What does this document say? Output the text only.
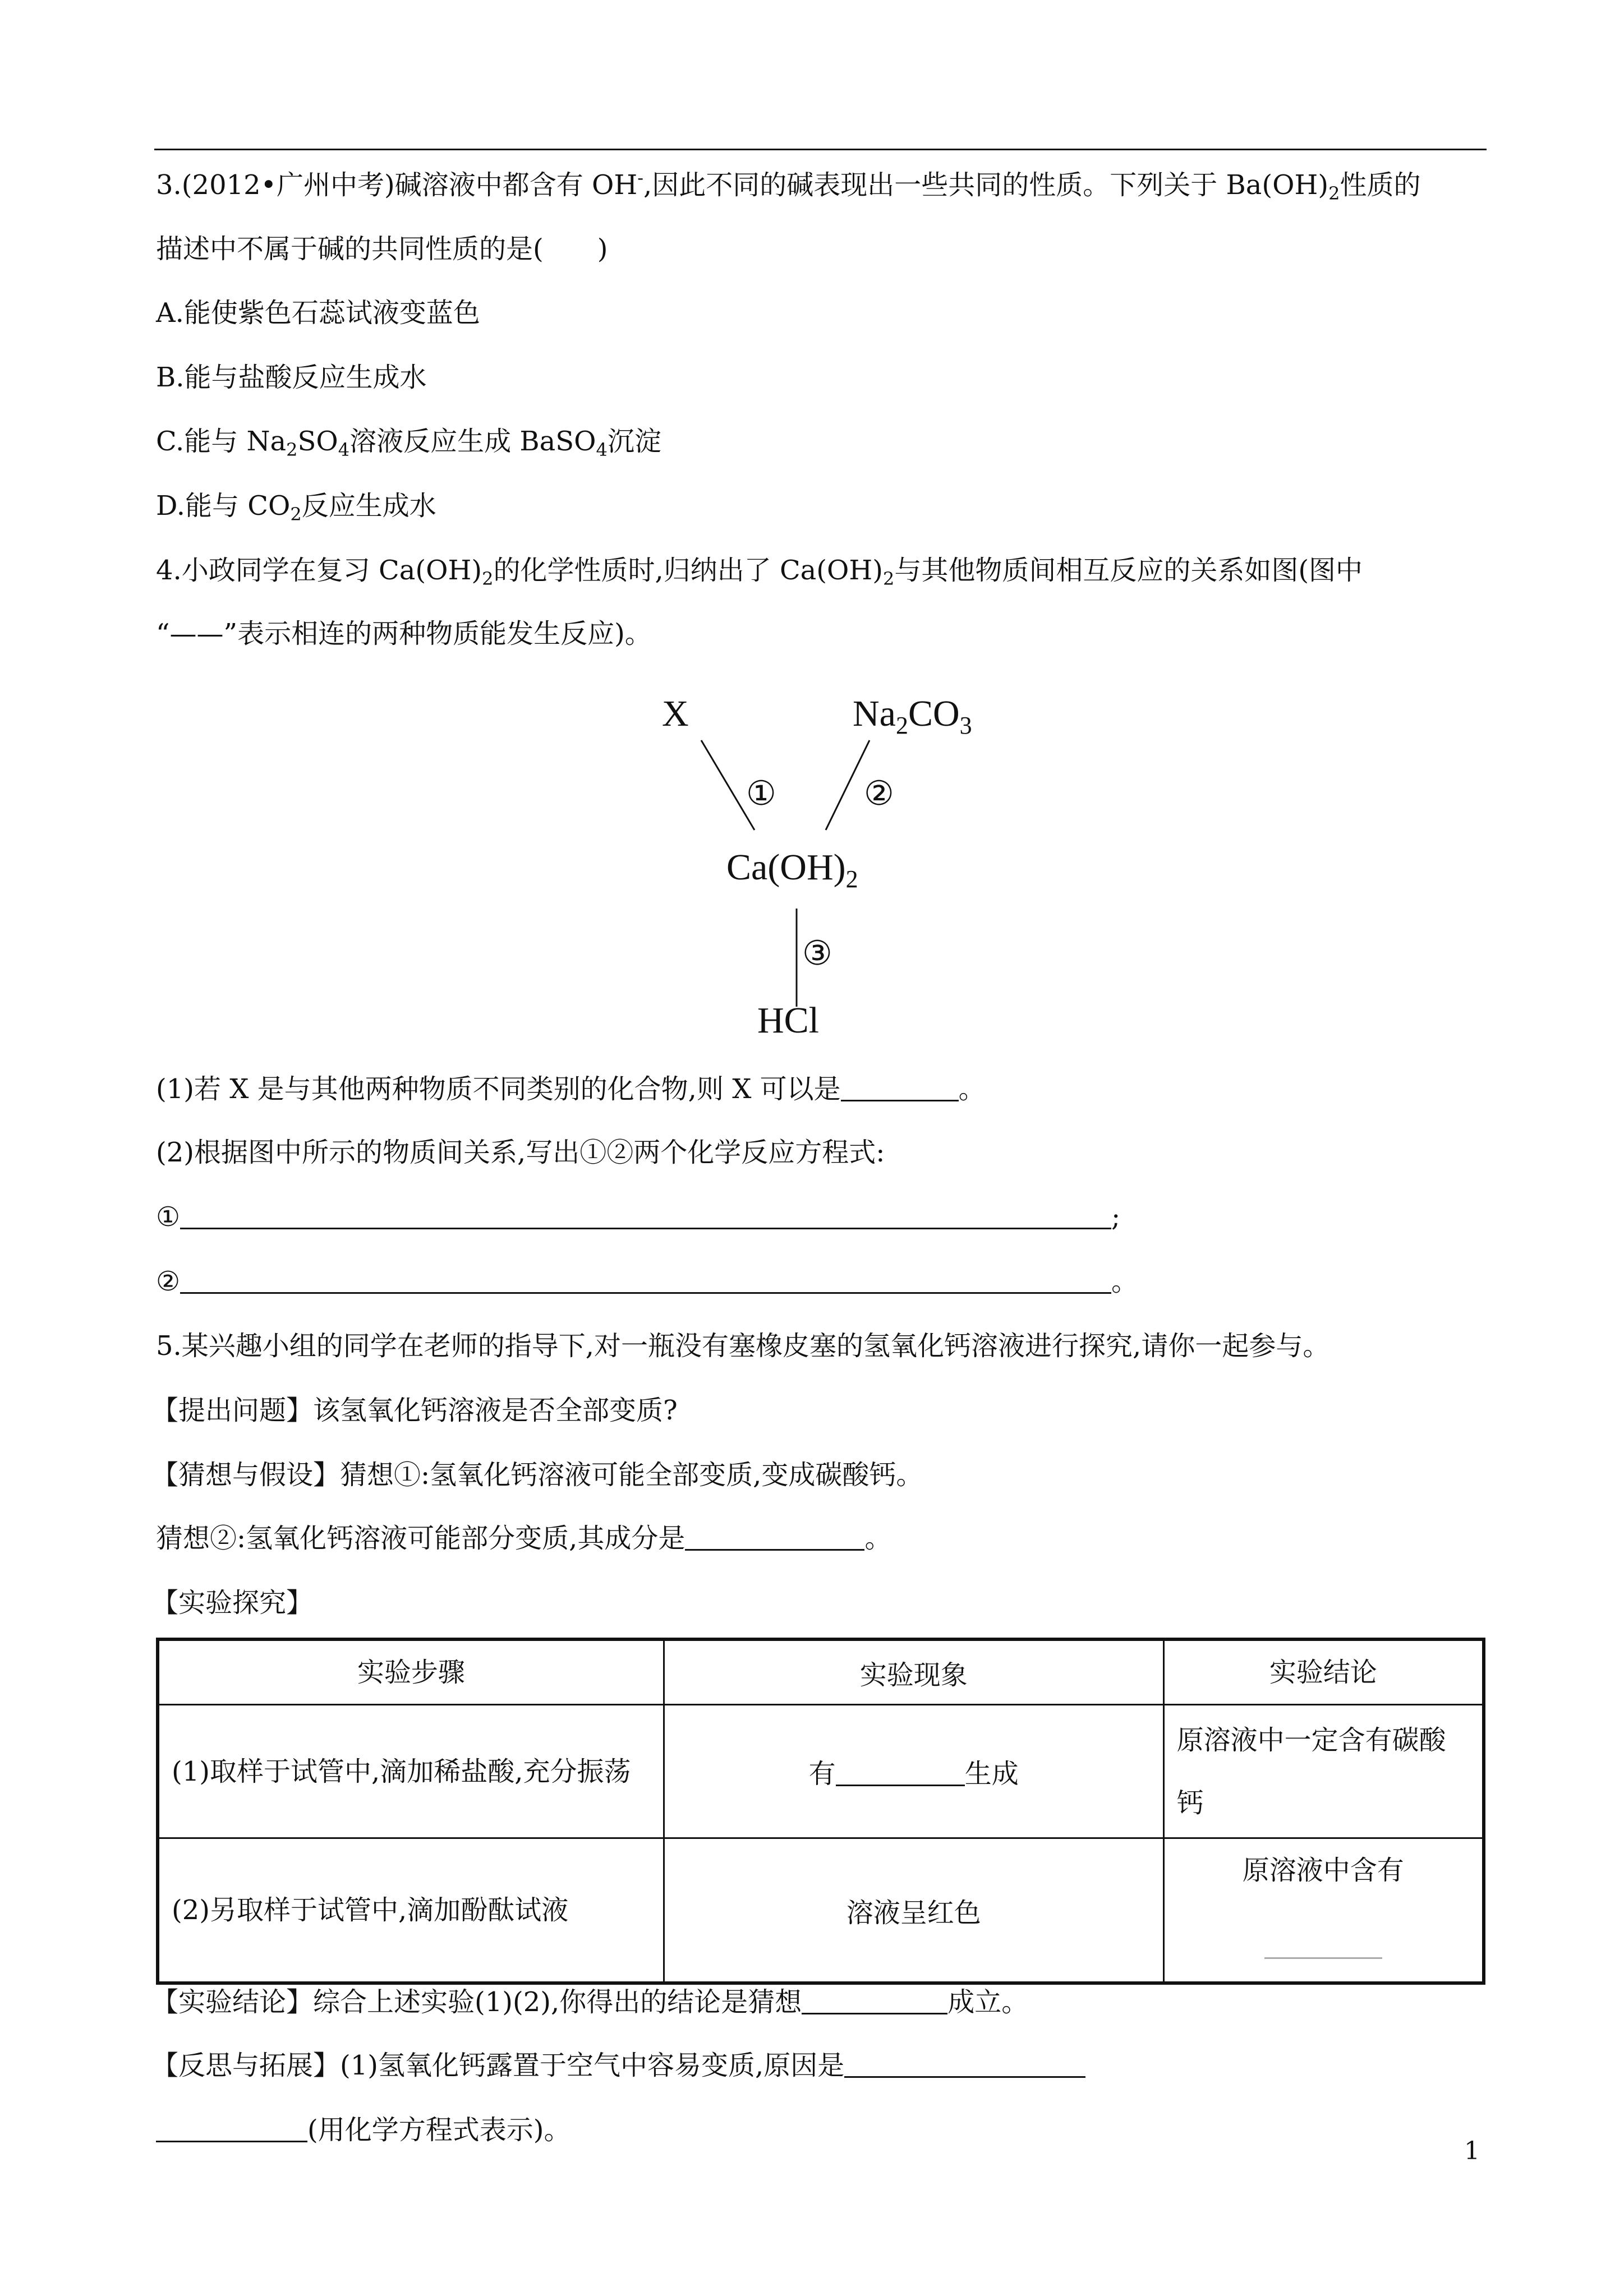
3.(2012•广州中考)碱溶液中都含有 OH-,因此不同的碱表现出一些共同的性质。下列关于 $Ba(OH)_2$性质的
描述中不属于碱的共同性质的是(　　)
A.能使紫色石蕊试液变蓝色
B.能与盐酸反应生成水
C.能与 $Na_2SO_4$溶液反应生成 BaSO$_4$沉淀
D.能与 $CO_2$反应生成水
4.小政同学在复习 $Ca(OH)_2$的化学性质时,归纳出了 $Ca(OH)_2$与其他物质间相互反应的关系如图(图中
“——”表示相连的两种物质能发生反应)。
X	$Na_2CO_3$
①	②
$Ca(OH)_2$
③
HCl
(1)若 X 是与其他两种物质不同类别的化合物,则 X 可以是	。
(2)根据图中所示的物质间关系,写出①②两个化学反应方程式:
①	;
②	。
5.某兴趣小组的同学在老师的指导下,对一瓶没有塞橡皮塞的氢氧化钙溶液进行探究,请你一起参与。
【提出问题】该氢氧化钙溶液是否全部变质?
【猜想与假设】猜想①:氢氧化钙溶液可能全部变质,变成碳酸钙。
猜想②:氢氧化钙溶液可能部分变质,其成分是	。
【实验探究】
实验步骤	实验现象	实验结论
(1)取样于试管中,滴加稀盐酸,充分振荡	有 生成	原溶液中一定含有碳酸钙
(2)另取样于试管中,滴加酚酞试液	溶液呈红色	原溶液中含有
【实验结论】综合上述实验(1)(2),你得出的结论是猜想	成立。
【反思与拓展】(1)氢氧化钙露置于空气中容易变质,原因是
(用化学方程式表示)。
1
